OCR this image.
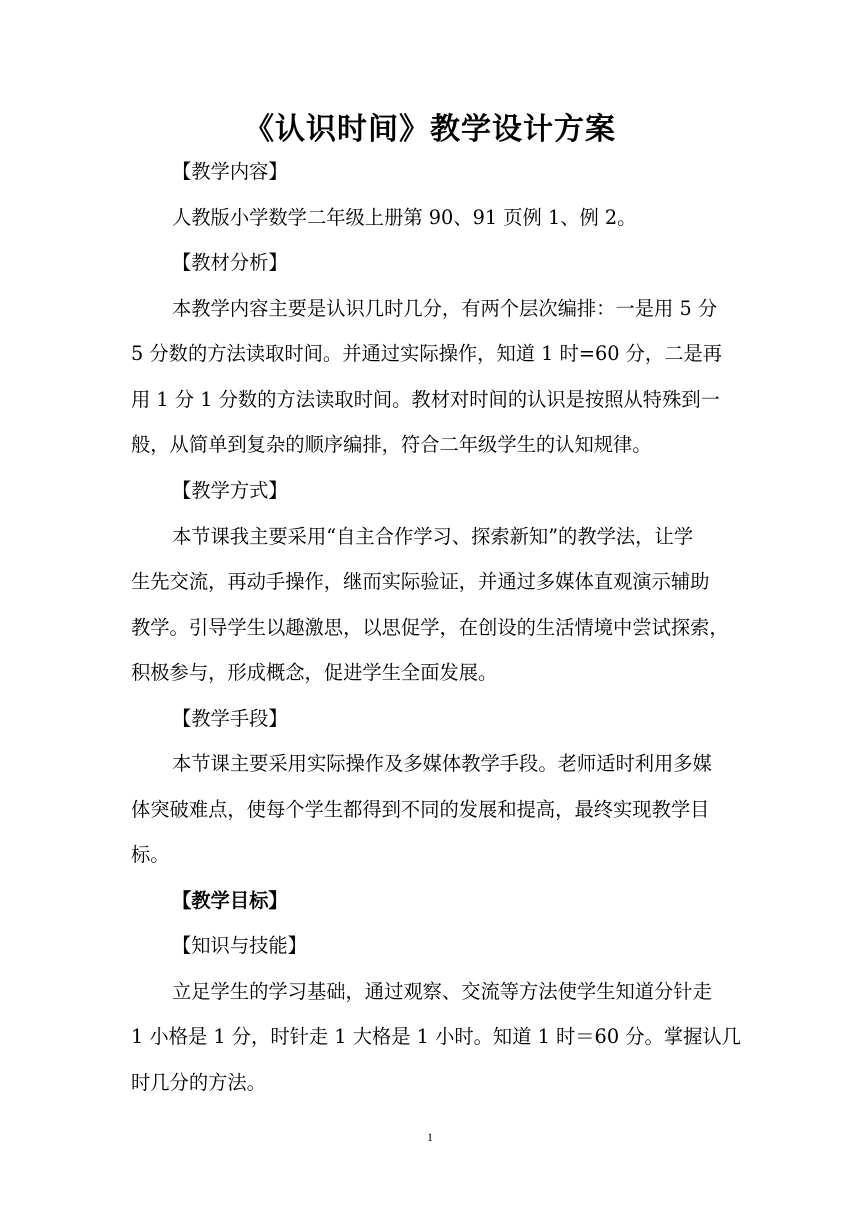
《认识时间》教学设计方案
【教学内容】
人教版小学数学二年级上册第 90、91 页例 1、例 2。
【教材分析】
本教学内容主要是认识几时几分，有两个层次编排：一是用 5 分
5 分数的方法读取时间。并通过实际操作，知道 1 时=60 分，二是再
用 1 分 1 分数的方法读取时间。教材对时间的认识是按照从特殊到一
般，从简单到复杂的顺序编排，符合二年级学生的认知规律。
【教学方式】
本节课我主要采用“自主合作学习、探索新知”的教学法，让学
生先交流，再动手操作，继而实际验证，并通过多媒体直观演示辅助
教学。引导学生以趣激思，以思促学，在创设的生活情境中尝试探索，
积极参与，形成概念，促进学生全面发展。
【教学手段】
本节课主要采用实际操作及多媒体教学手段。老师适时利用多媒
体突破难点，使每个学生都得到不同的发展和提高，最终实现教学目
标。
【教学目标】
【知识与技能】
立足学生的学习基础，通过观察、交流等方法使学生知道分针走
1 小格是 1 分，时针走 1 大格是 1 小时。知道 1 时＝60 分。掌握认几
时几分的方法。
1
